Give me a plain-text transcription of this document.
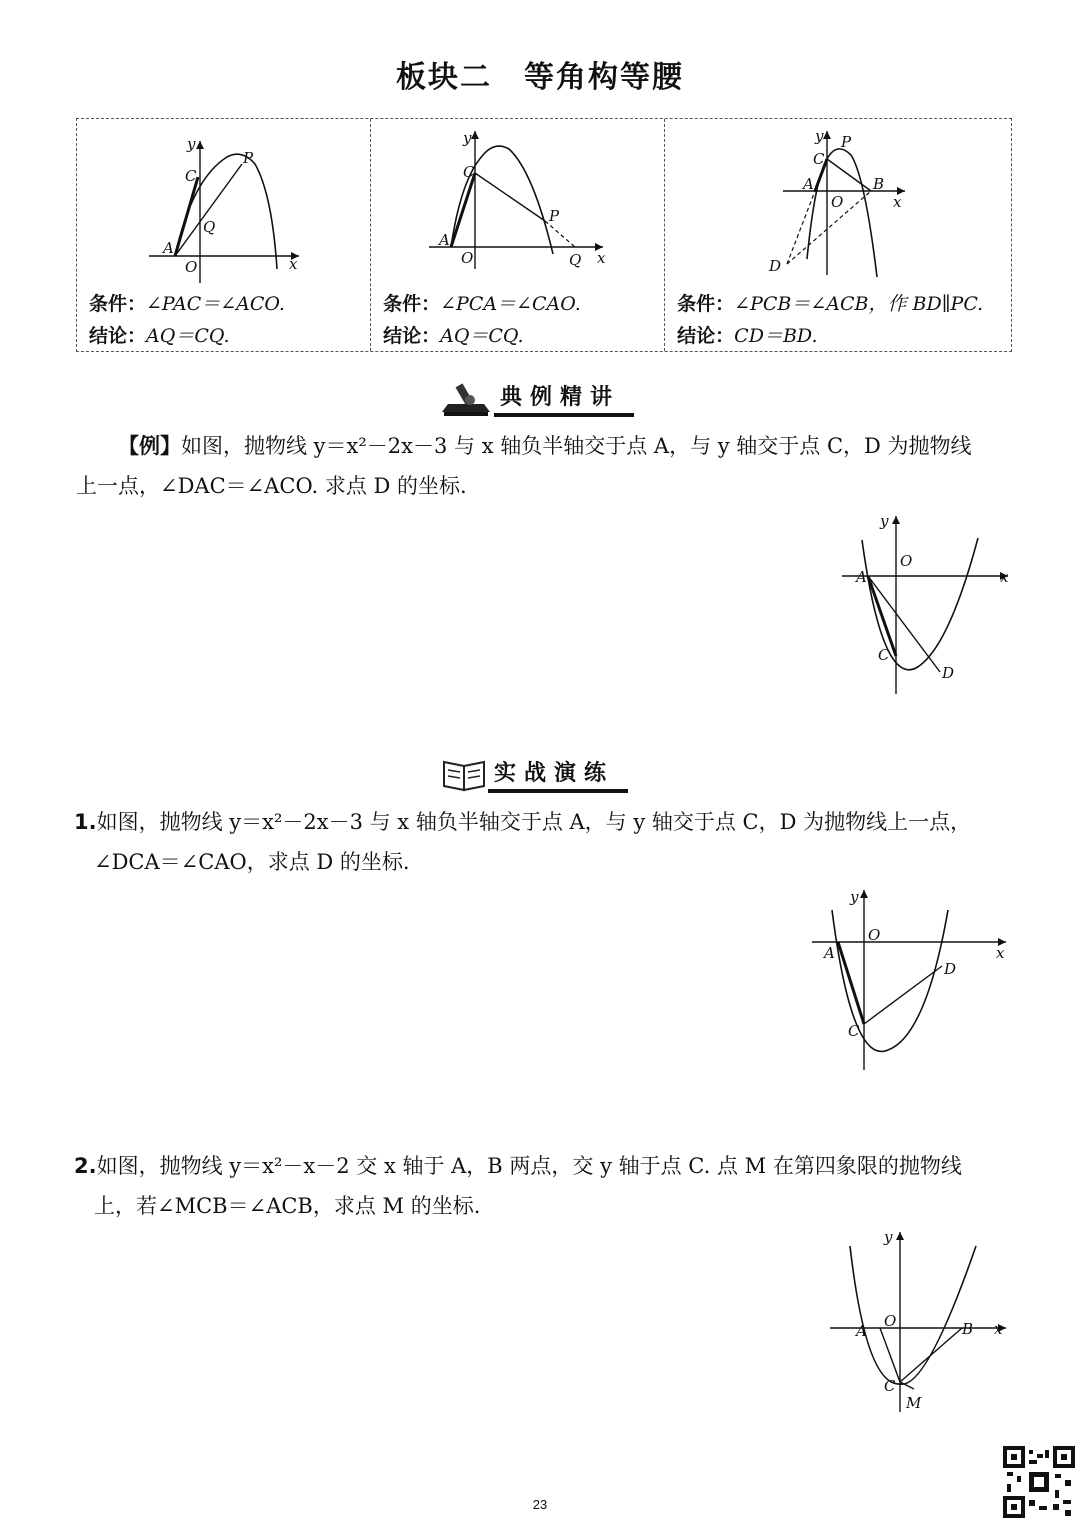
板块二　等角构等腰
y
x
O
A
C
P
Q
条件：∠PAC＝∠ACO.
结论：AQ＝CQ.
y
x
O
A
C
P
Q
条件：∠PCA＝∠CAO.
结论：AQ＝CQ.
y
x
O
A	B
C
P
D
条件：∠PCB＝∠ACB，作 BD∥PC.
结论：CD＝BD.
典例精讲
【例】如图，抛物线 y＝x²－2x－3 与 x 轴负半轴交于点 A，与 y 轴交于点 C，D 为抛物线
上一点，∠DAC＝∠ACO. 求点 D 的坐标.
y
x
O
A
C
D
实战演练
1.如图，抛物线 y＝x²－2x－3 与 x 轴负半轴交于点 A，与 y 轴交于点 C，D 为抛物线上一点，
∠DCA＝∠CAO，求点 D 的坐标.
y
x
O
A
C
D
2.如图，抛物线 y＝x²－x－2 交 x 轴于 A，B 两点，交 y 轴于点 C. 点 M 在第四象限的抛物线
上，若∠MCB＝∠ACB，求点 M 的坐标.
y
x
O
A	B
C
M
23
